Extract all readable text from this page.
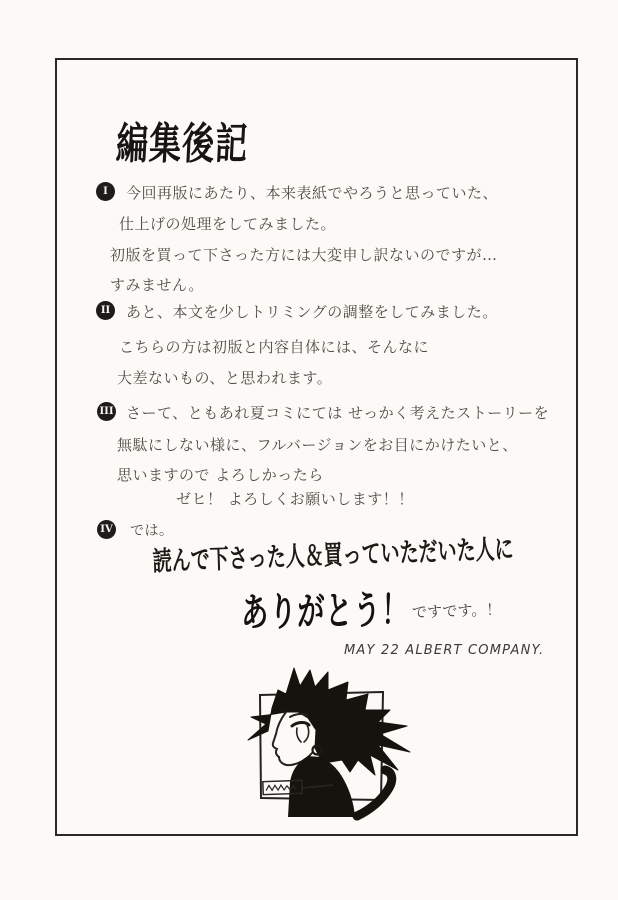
編集後記
I	今回再版にあたり、本来表紙でやろうと思っていた、
仕上げの処理をしてみました。
初版を買って下さった方には大変申し訳ないのですが…
すみません。
II	あと、本文を少しトリミングの調整をしてみました。
こちらの方は初版と内容自体には、そんなに
大差ないもの、と思われます。
III さーて、ともあれ夏コミにては せっかく考えたストーリーを
無駄にしない様に、フルバージョンをお目にかけたいと、
思いますので よろしかったら
ゼヒ！ よろしくお願いします！！
IV では。
読んで下さった人＆買っていただいた人に
ありがとう！ ですです。！
MAY 22 ALBERT COMPANY.
